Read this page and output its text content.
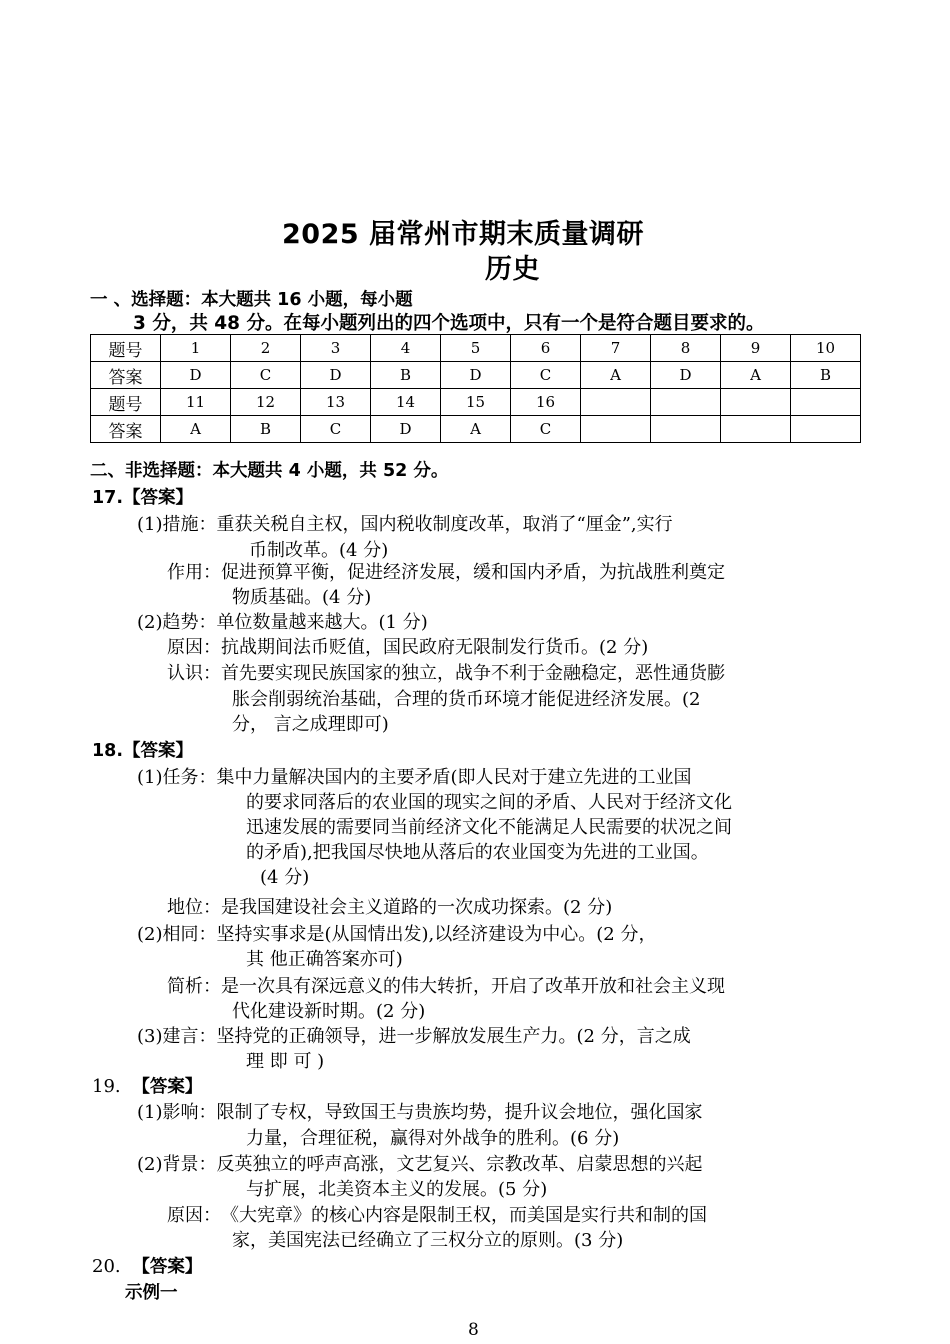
2025 届常州市期末质量调研
历史
一 、选择题：本大题共 16 小题，每小题
3 分，共 48 分。在每小题列出的四个选项中，只有一个是符合题目要求的。
题号	1	2	3	4	5	6	7	8	9	10
答案	D	C	D	B	D	C	A	D	A	B
题号	11	12	13	14	15	16				
答案	A	B	C	D	A	C				
二、非选择题：本大题共 4 小题，共 52 分。
17.【答案】
(1)措施：重获关税自主权，国内税收制度改革，取消了“厘金”,实行
币制改革。(4 分)
作用：促进预算平衡，促进经济发展，缓和国内矛盾，为抗战胜利奠定
物质基础。(4 分)
(2)趋势：单位数量越来越大。(1 分)
原因：抗战期间法币贬值，国民政府无限制发行货币。(2 分)
认识：首先要实现民族国家的独立，战争不利于金融稳定，恶性通货膨
胀会削弱统治基础，合理的货币环境才能促进经济发展。(2
分， 言之成理即可)
18.【答案】
(1)任务：集中力量解决国内的主要矛盾(即人民对于建立先进的工业国
的要求同落后的农业国的现实之间的矛盾、人民对于经济文化
迅速发展的需要同当前经济文化不能满足人民需要的状况之间
的矛盾),把我国尽快地从落后的农业国变为先进的工业国。
(4 分)
地位：是我国建设社会主义道路的一次成功探索。(2 分)
(2)相同：坚持实事求是(从国情出发),以经济建设为中心。(2 分，
其 他正确答案亦可)
简析：是一次具有深远意义的伟大转折，开启了改革开放和社会主义现
代化建设新时期。(2 分)
(3)建言：坚持党的正确领导，进一步解放发展生产力。(2 分，言之成
理 即 可 )
19. 【答案】
(1)影响：限制了专权，导致国王与贵族均势，提升议会地位，强化国家
力量，合理征税，赢得对外战争的胜利。(6 分)
(2)背景：反英独立的呼声高涨，文艺复兴、宗教改革、启蒙思想的兴起
与扩展，北美资本主义的发展。(5 分)
原因：《大宪章》的核心内容是限制王权，而美国是实行共和制的国
家，美国宪法已经确立了三权分立的原则。(3 分)
20. 【答案】
示例一
8
